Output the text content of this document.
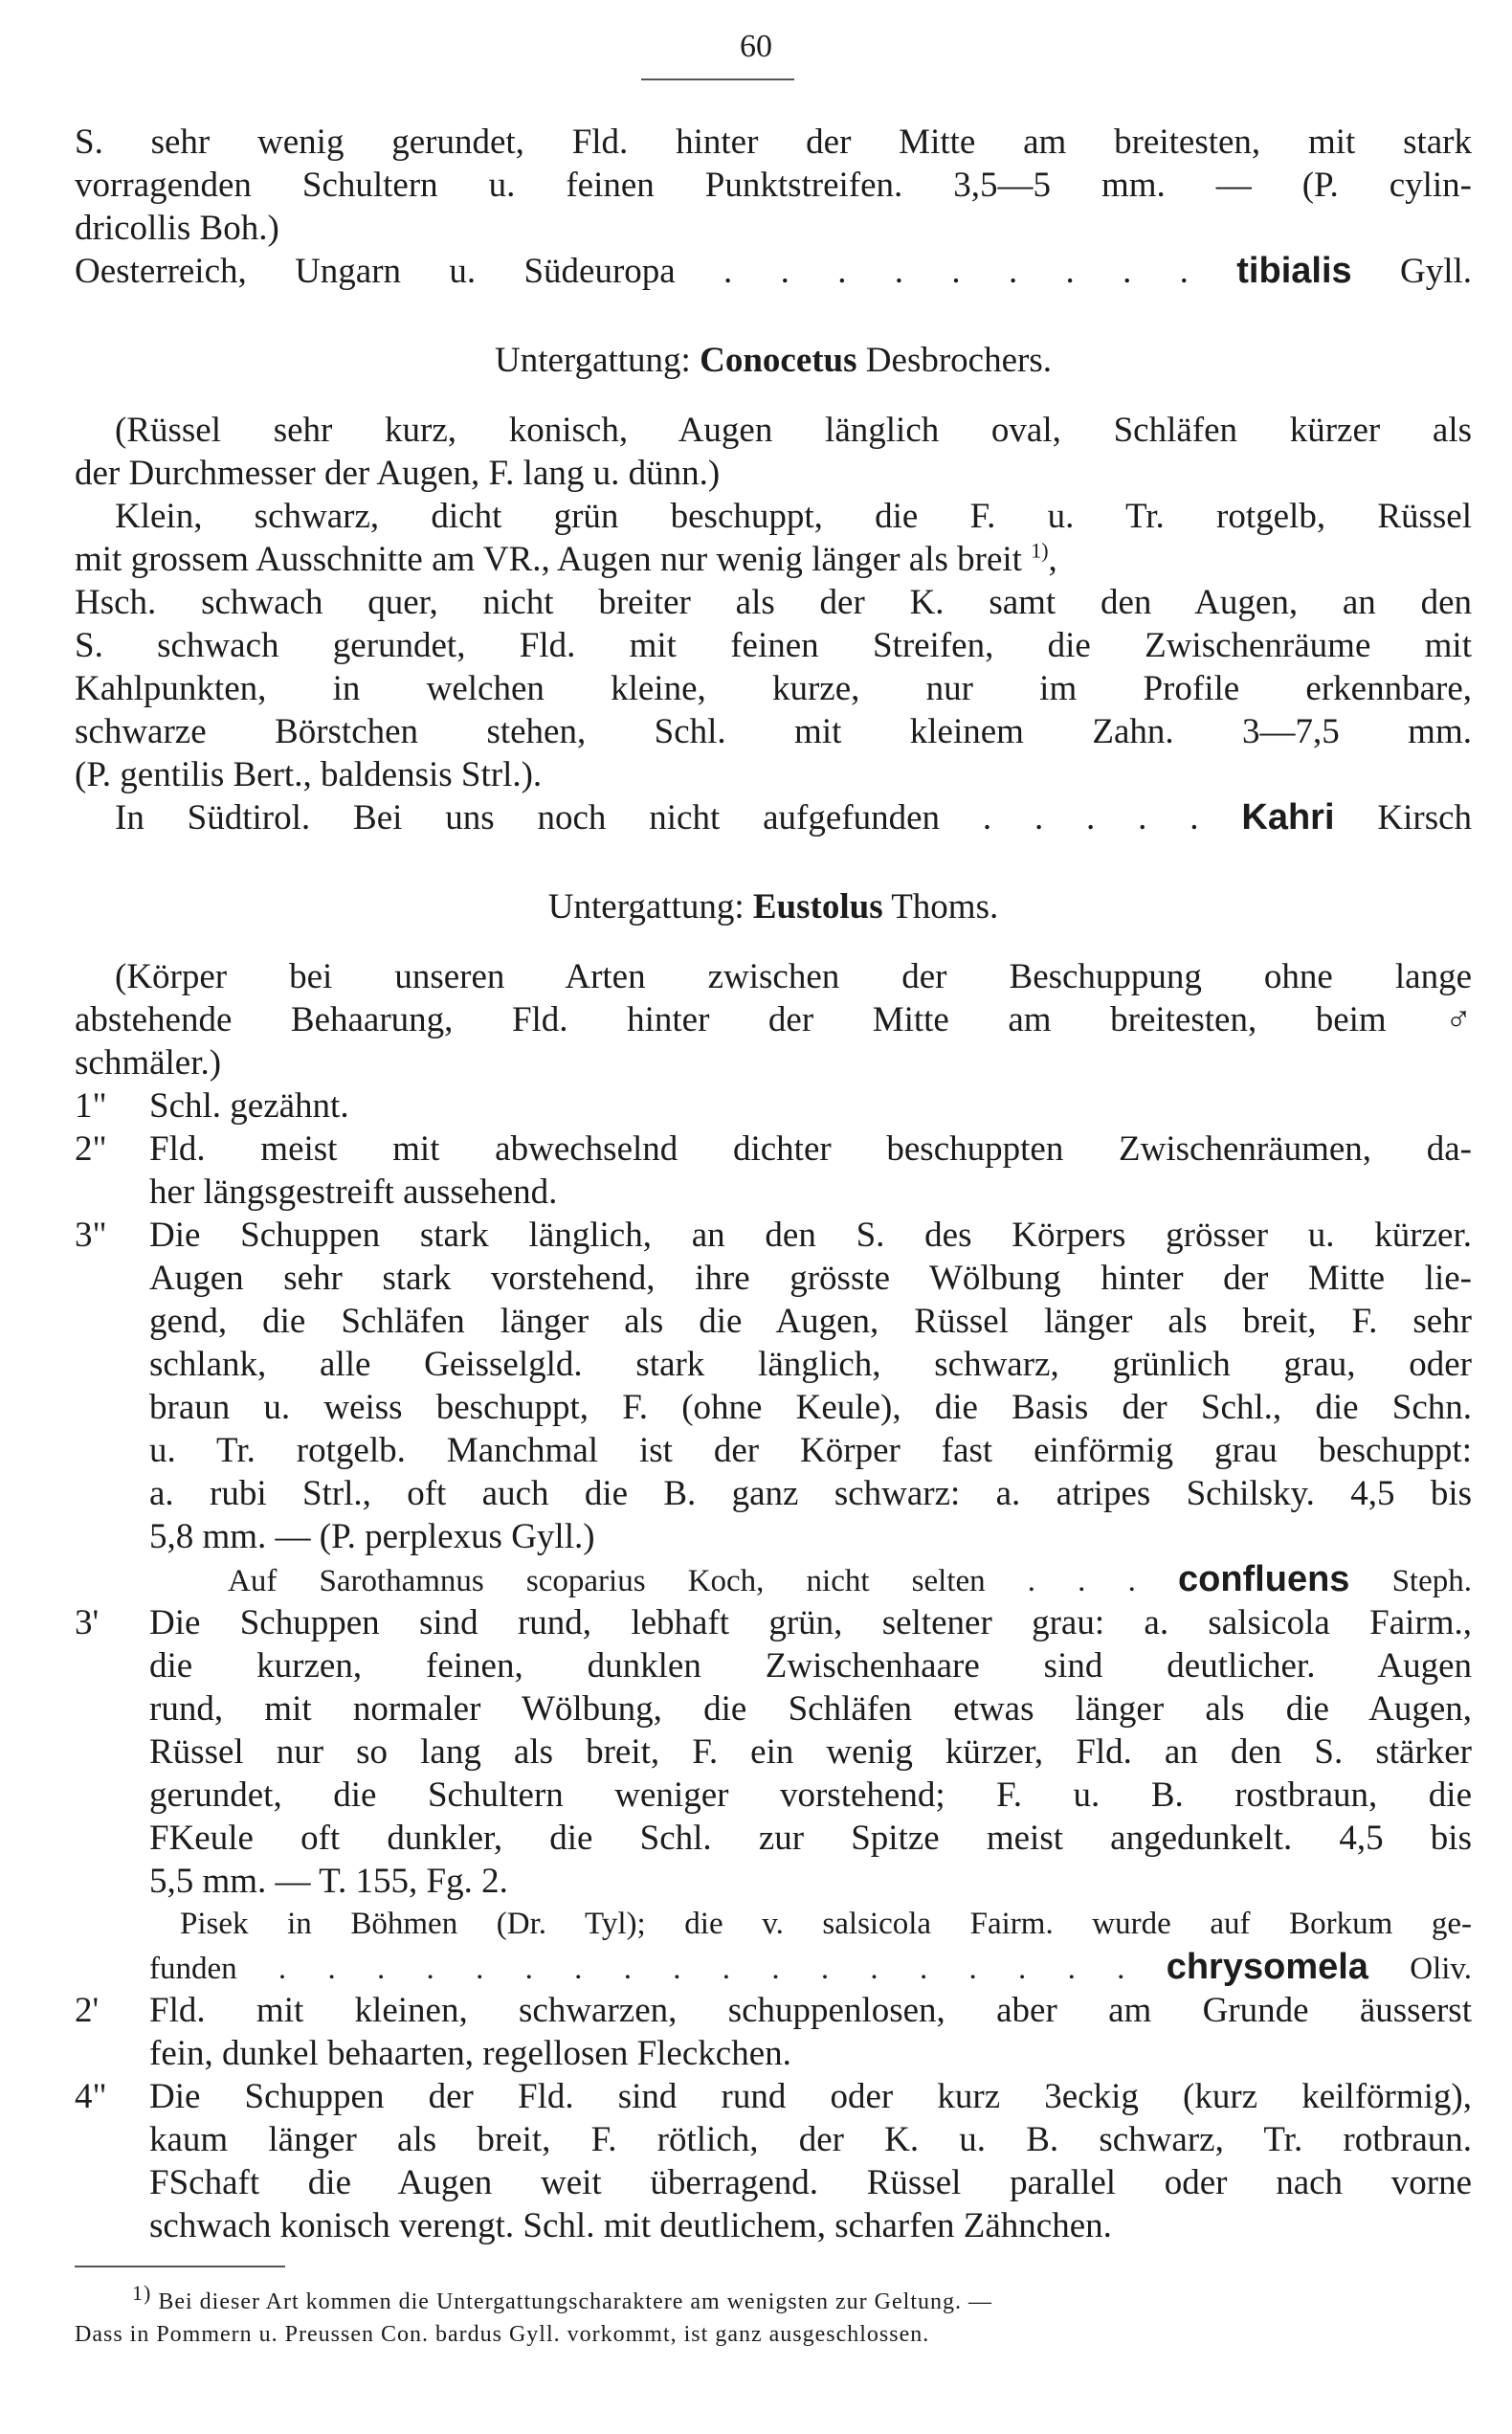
60
S. sehr wenig gerundet, Fld. hinter der Mitte am breitesten, mit stark
vorragenden Schultern u. feinen Punktstreifen. 3,5—5 mm. — (P. cylin-
dricollis Boh.)
Oesterreich, Ungarn u. Südeuropa . . . . . . . . . tibialis Gyll.
Untergattung: Conocetus Desbrochers.
(Rüssel sehr kurz, konisch, Augen länglich oval, Schläfen kürzer als
der Durchmesser der Augen, F. lang u. dünn.)
Klein, schwarz, dicht grün beschuppt, die F. u. Tr. rotgelb, Rüssel
mit grossem Ausschnitte am VR., Augen nur wenig länger als breit $^{1)}$,
Hsch. schwach quer, nicht breiter als der K. samt den Augen, an den
S. schwach gerundet, Fld. mit feinen Streifen, die Zwischenräume mit
Kahlpunkten, in welchen kleine, kurze, nur im Profile erkennbare,
schwarze Börstchen stehen, Schl. mit kleinem Zahn. 3—7,5 mm.
(P. gentilis Bert., baldensis Strl.).
In Südtirol. Bei uns noch nicht aufgefunden . . . . . Kahri Kirsch
Untergattung: Eustolus Thoms.
(Körper bei unseren Arten zwischen der Beschuppung ohne lange
abstehende Behaarung, Fld. hinter der Mitte am breitesten, beim ♂
schmäler.)
1" Schl. gezähnt.
2" Fld. meist mit abwechselnd dichter beschuppten Zwischenräumen, da-
her längsgestreift aussehend.
3" Die Schuppen stark länglich, an den S. des Körpers grösser u. kürzer.
Augen sehr stark vorstehend, ihre grösste Wölbung hinter der Mitte lie-
gend, die Schläfen länger als die Augen, Rüssel länger als breit, F. sehr
schlank, alle Geisselgld. stark länglich, schwarz, grünlich grau, oder
braun u. weiss beschuppt, F. (ohne Keule), die Basis der Schl., die Schn.
u. Tr. rotgelb. Manchmal ist der Körper fast einförmig grau beschuppt:
a. rubi Strl., oft auch die B. ganz schwarz: a. atripes Schilsky. 4,5 bis
5,8 mm. — (P. perplexus Gyll.)
Auf Sarothamnus scoparius Koch, nicht selten . . . confluens Steph.
3' Die Schuppen sind rund, lebhaft grün, seltener grau: a. salsicola Fairm.,
die kurzen, feinen, dunklen Zwischenhaare sind deutlicher. Augen
rund, mit normaler Wölbung, die Schläfen etwas länger als die Augen,
Rüssel nur so lang als breit, F. ein wenig kürzer, Fld. an den S. stärker
gerundet, die Schultern weniger vorstehend; F. u. B. rostbraun, die
FKeule oft dunkler, die Schl. zur Spitze meist angedunkelt. 4,5 bis
5,5 mm. — T. 155, Fg. 2.
Pisek in Böhmen (Dr. Tyl); die v. salsicola Fairm. wurde auf Borkum ge-
funden . . . . . . . . . . . . . . . . . . chrysomela Oliv.
2' Fld. mit kleinen, schwarzen, schuppenlosen, aber am Grunde äusserst
fein, dunkel behaarten, regellosen Fleckchen.
4" Die Schuppen der Fld. sind rund oder kurz 3eckig (kurz keilförmig),
kaum länger als breit, F. rötlich, der K. u. B. schwarz, Tr. rotbraun.
FSchaft die Augen weit überragend. Rüssel parallel oder nach vorne
schwach konisch verengt. Schl. mit deutlichem, scharfen Zähnchen.
$^{1)}$ Bei dieser Art kommen die Untergattungscharaktere am wenigsten zur Geltung. —
Dass in Pommern u. Preussen Con. bardus Gyll. vorkommt, ist ganz ausgeschlossen.
